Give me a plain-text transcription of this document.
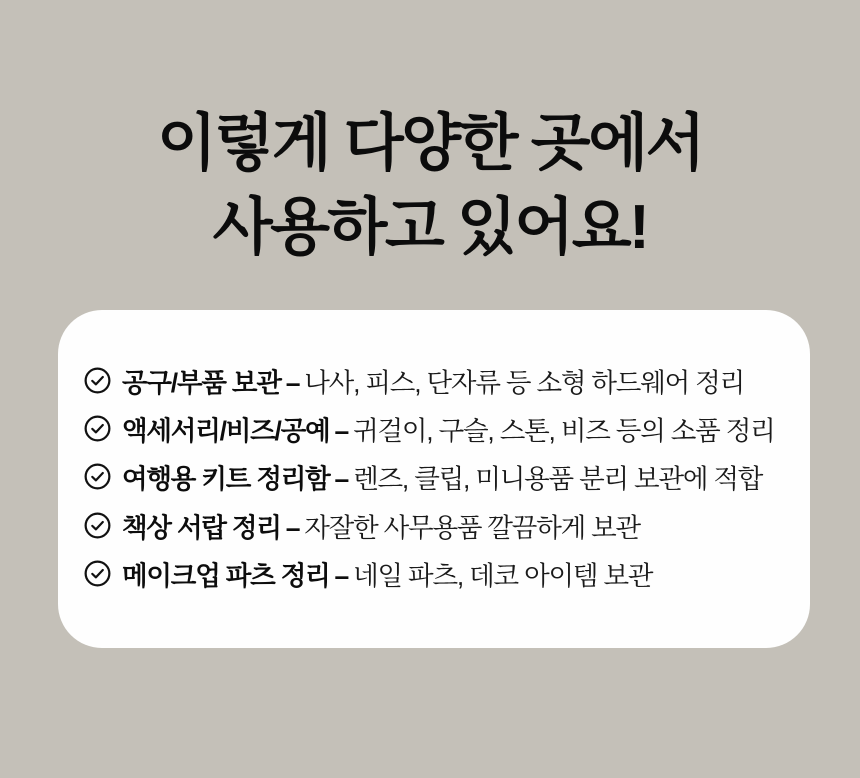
이렇게 다양한 곳에서
사용하고 있어요!
공구/부품 보관 – 나사, 피스, 단자류 등 소형 하드웨어 정리
액세서리/비즈/공예 – 귀걸이, 구슬, 스톤, 비즈 등의 소품 정리
여행용 키트 정리함 – 렌즈, 클립, 미니용품 분리 보관에 적합
책상 서랍 정리 – 자잘한 사무용품 깔끔하게 보관
메이크업 파츠 정리 – 네일 파츠, 데코 아이템 보관
